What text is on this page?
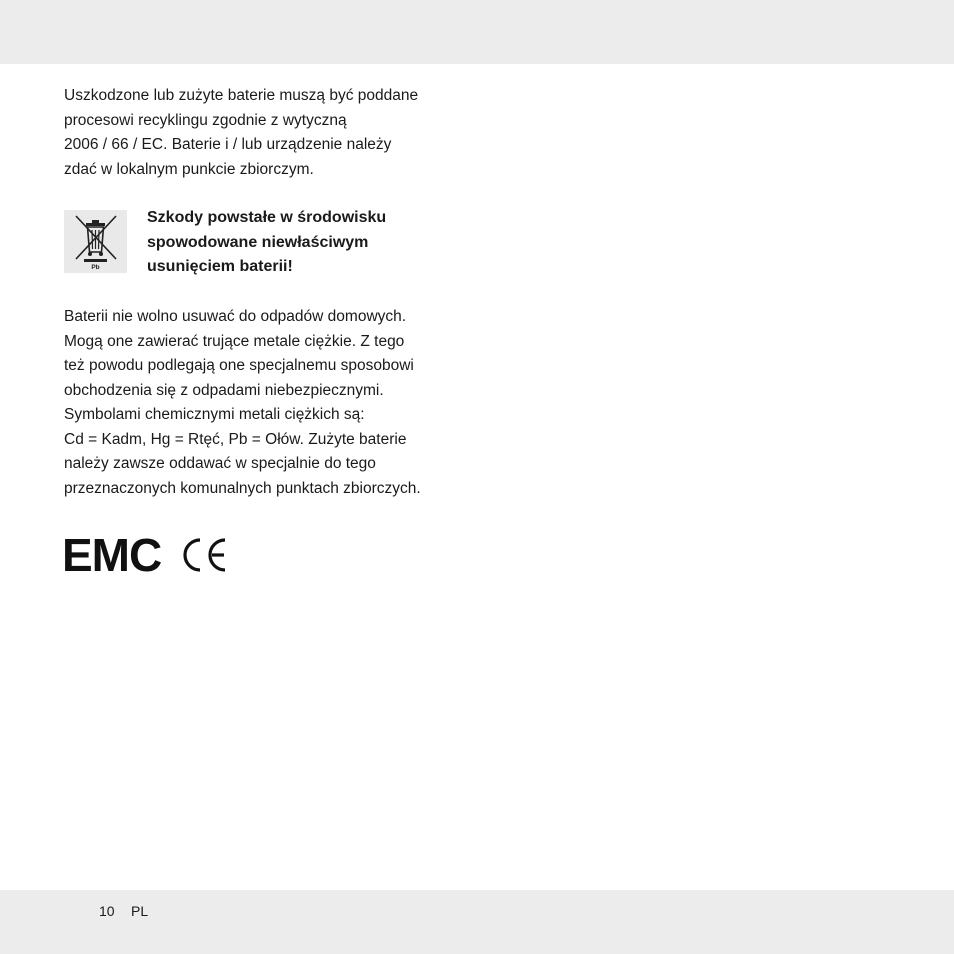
Uszkodzone lub zużyte baterie muszą być poddane
procesowi recyklingu zgodnie z wytyczną
2006 / 66 / EC. Baterie i / lub urządzenie należy
zdać w lokalnym punkcie zbiorczym.

Pb

Szkody powstałe w środowisku
spowodowane niewłaściwym
usunięciem baterii!

Baterii nie wolno usuwać do odpadów domowych.
Mogą one zawierać trujące metale ciężkie. Z tego
też powodu podlegają one specjalnemu sposobowi
obchodzenia się z odpadami niebezpiecznymi.
Symbolami chemicznymi metali ciężkich są:
Cd = Kadm, Hg = Rtęć, Pb = Ołów. Zużyte baterie
należy zawsze oddawać w specjalnie do tego
przeznaczonych komunalnych punktach zbiorczych.

EMC
10 PL
